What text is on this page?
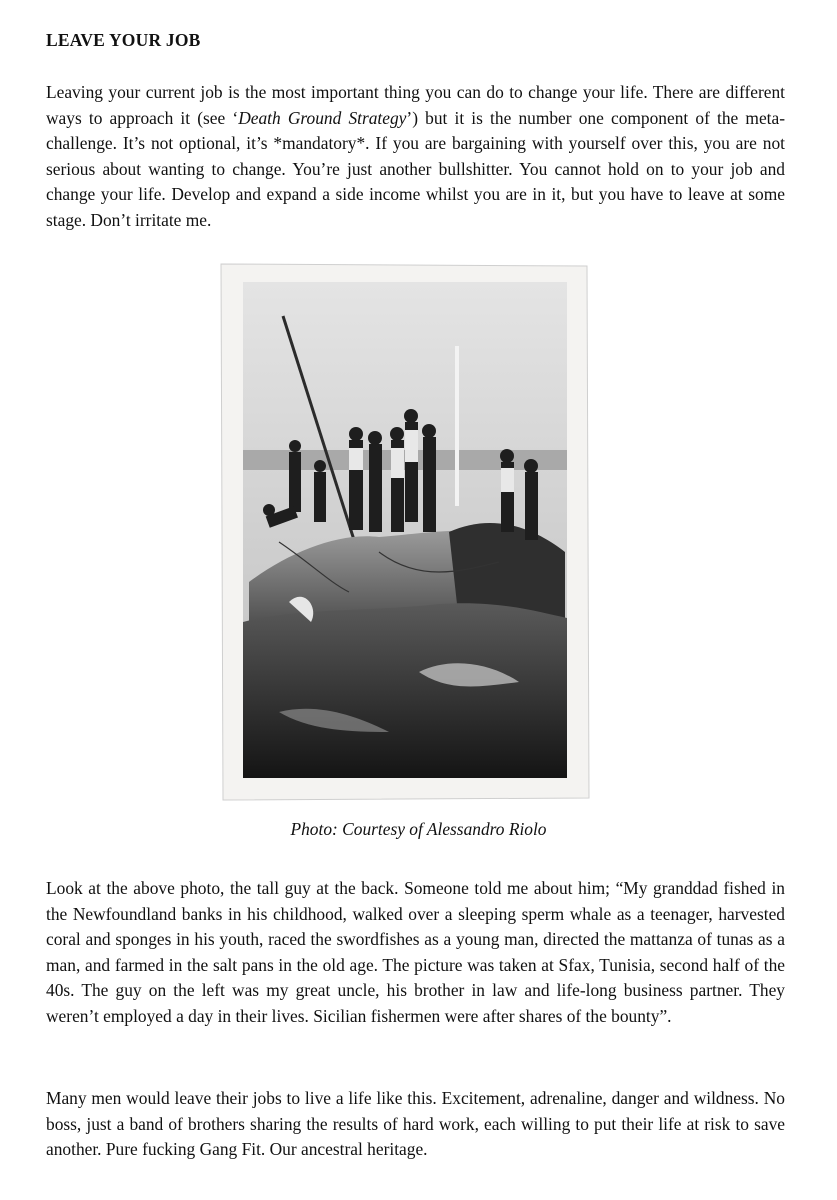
LEAVE YOUR JOB

Leaving your current job is the most important thing you can do to change your life. There are different ways to approach it (see ‘Death Ground Strategy’) but it is the number one component of the meta-challenge. It’s not optional, it’s *mandatory*. If you are bargaining with yourself over this, you are not serious about wanting to change. You’re just another bullshitter. You cannot hold on to your job and change your life. Develop and expand a side income whilst you are in it, but you have to leave at some stage. Don’t irritate me.

Photo: Courtesy of Alessandro Riolo

Look at the above photo, the tall guy at the back. Someone told me about him; “My granddad fished in the Newfoundland banks in his childhood, walked over a sleeping sperm whale as a teenager, harvested coral and sponges in his youth, raced the swordfishes as a young man, directed the mattanza of tunas as a man, and farmed in the salt pans in the old age. The picture was taken at Sfax, Tunisia, second half of the 40s. The guy on the left was my great uncle, his brother in law and life-long business partner. They weren’t employed a day in their lives. Sicilian fishermen were after shares of the bounty”.

Many men would leave their jobs to live a life like this. Excitement, adrenaline, danger and wildness. No boss, just a band of brothers sharing the results of hard work, each willing to put their life at risk to save another. Pure fucking Gang Fit. Our ancestral heritage.
